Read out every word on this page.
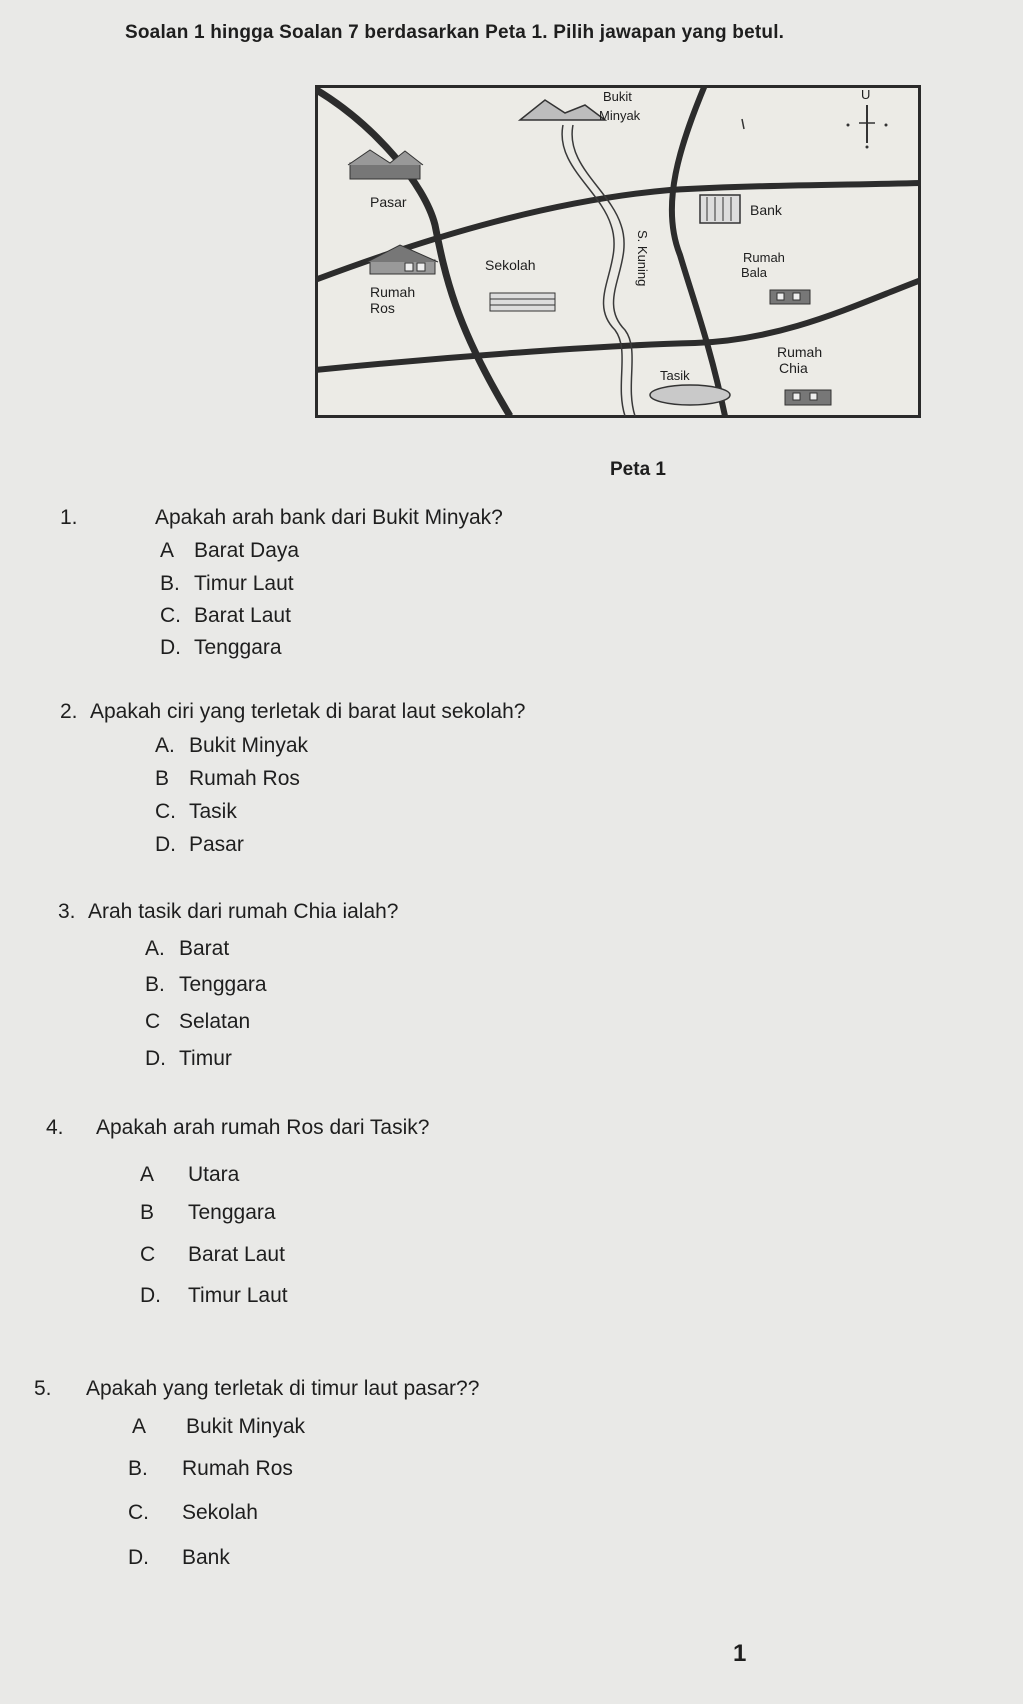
Soalan 1 hingga Soalan 7 berdasarkan Peta 1. Pilih jawapan yang betul.
U
Bukit
Minyak
Pasar	Bank
Rumah
Bala
Sekolah
Rumah
Ros
S. Kuning
Rumah
Chia
Tasik
Peta 1
1.	Apakah arah bank dari Bukit Minyak?
A Barat Daya
B. Timur Laut
C. Barat Laut
D. Tenggara
2. Apakah ciri yang terletak di barat laut sekolah?
A. Bukit Minyak
B Rumah Ros
C. Tasik
D. Pasar
3. Arah tasik dari rumah Chia ialah?
A. Barat
B. Tenggara
C Selatan
D. Timur
4. Apakah arah rumah Ros dari Tasik?
A Utara
B Tenggara
C Barat Laut
D. Timur Laut
5. Apakah yang terletak di timur laut pasar??
A Bukit Minyak
B. Rumah Ros
C. Sekolah
D. Bank
1
